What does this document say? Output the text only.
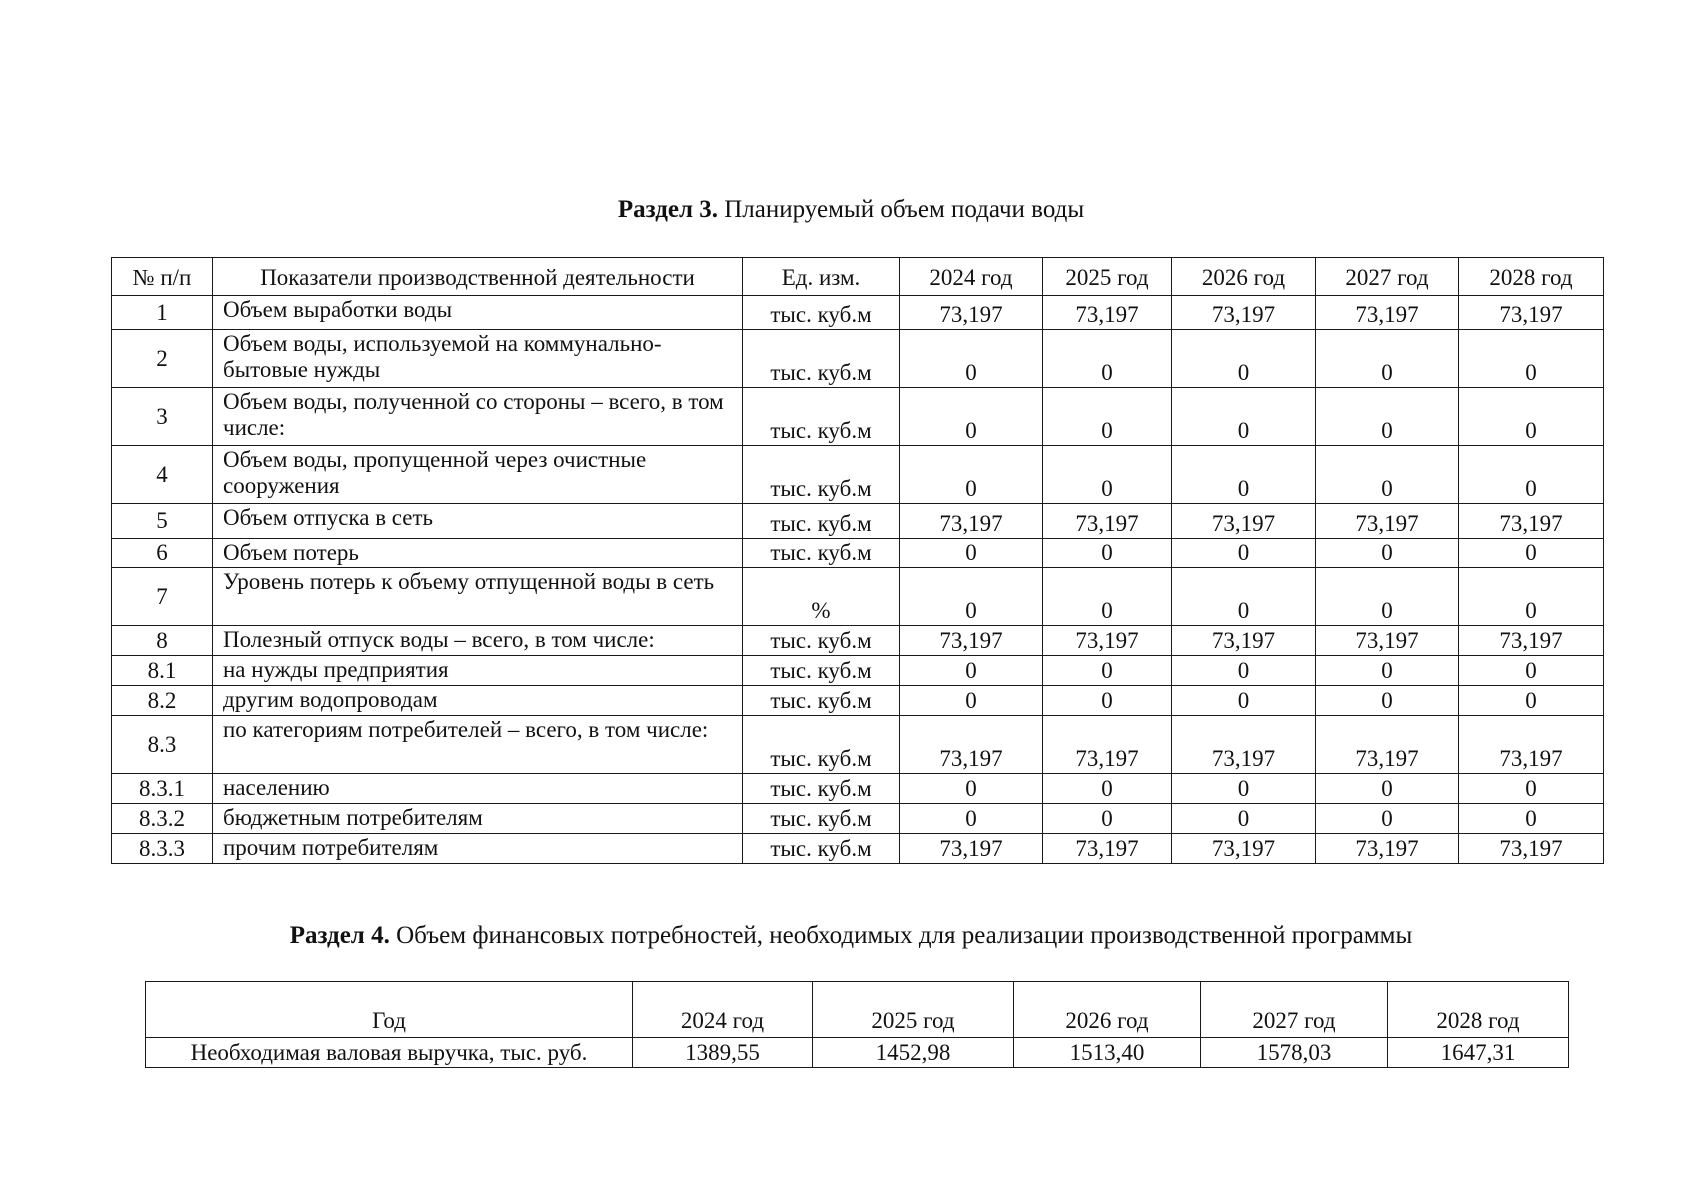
Раздел 3. Планируемый объем подачи воды
№ п/п	Показатели производственной деятельности	Ед. изм.	2024 год	2025 год	2026 год	2027 год	2028 год
1	Объем выработки воды	тыс. куб.м	73,197	73,197	73,197	73,197	73,197
2	Объем воды, используемой на коммунально-бытовые нужды	тыс. куб.м	0	0	0	0	0
3	Объем воды, полученной со стороны – всего, в том числе:	тыс. куб.м	0	0	0	0	0
4	Объем воды, пропущенной через очистные сооружения	тыс. куб.м	0	0	0	0	0
5	Объем отпуска в сеть	тыс. куб.м	73,197	73,197	73,197	73,197	73,197
6	Объем потерь	тыс. куб.м	0	0	0	0	0
7	Уровень потерь к объему отпущенной воды в сеть	%	0	0	0	0	0
8	Полезный отпуск воды – всего, в том числе:	тыс. куб.м	73,197	73,197	73,197	73,197	73,197
8.1	на нужды предприятия	тыс. куб.м	0	0	0	0	0
8.2	другим водопроводам	тыс. куб.м	0	0	0	0	0
8.3	по категориям потребителей – всего, в том числе:	тыс. куб.м	73,197	73,197	73,197	73,197	73,197
8.3.1	населению	тыс. куб.м	0	0	0	0	0
8.3.2	бюджетным потребителям	тыс. куб.м	0	0	0	0	0
8.3.3	прочим потребителям	тыс. куб.м	73,197	73,197	73,197	73,197	73,197
Раздел 4. Объем финансовых потребностей, необходимых для реализации производственной программы
Год	2024 год	2025 год	2026 год	2027 год	2028 год
Необходимая валовая выручка, тыс. руб.	1389,55	1452,98	1513,40	1578,03	1647,31
